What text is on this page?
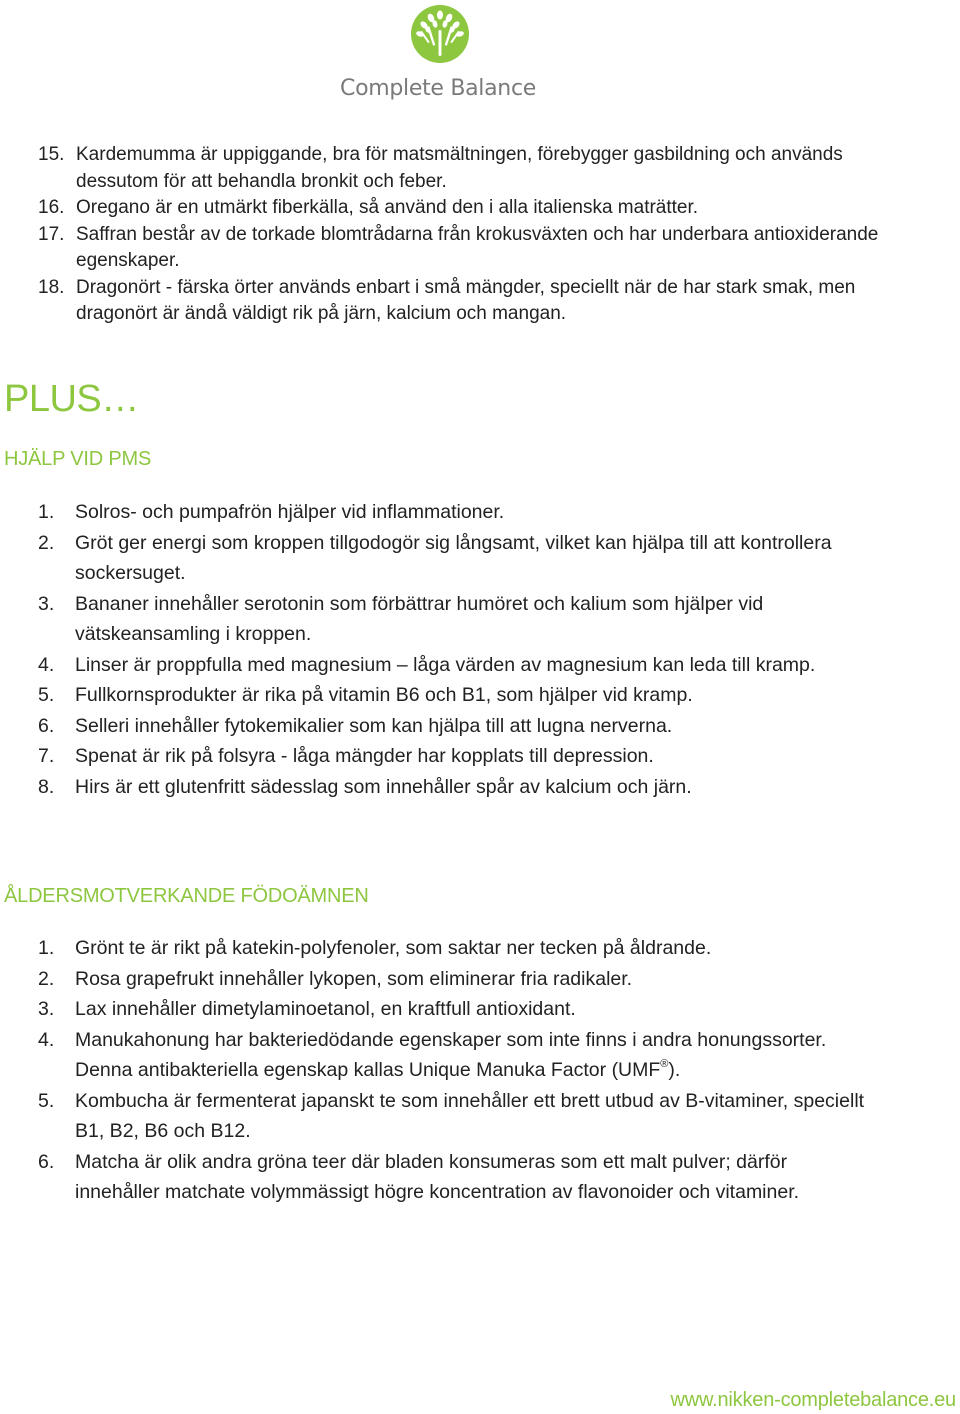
Complete Balance
15. Kardemumma är uppiggande, bra för matsmältningen, förebygger gasbildning och används dessutom för att behandla bronkit och feber.
16. Oregano är en utmärkt fiberkälla, så använd den i alla italienska maträtter.
17. Saffran består av de torkade blomtrådarna från krokusväxten och har underbara antioxiderande egenskaper.
18. Dragonört - färska örter används enbart i små mängder, speciellt när de har stark smak, men dragonört är ändå väldigt rik på järn, kalcium och mangan.
PLUS…
HJÄLP VID PMS
1. Solros- och pumpafrön hjälper vid inflammationer.
2. Gröt ger energi som kroppen tillgodogör sig långsamt, vilket kan hjälpa till att kontrollera sockersuget.
3. Bananer innehåller serotonin som förbättrar humöret och kalium som hjälper vid vätskeansamling i kroppen.
4. Linser är proppfulla med magnesium – låga värden av magnesium kan leda till kramp.
5. Fullkornsprodukter är rika på vitamin B6 och B1, som hjälper vid kramp.
6. Selleri innehåller fytokemikalier som kan hjälpa till att lugna nerverna.
7. Spenat är rik på folsyra - låga mängder har kopplats till depression.
8. Hirs är ett glutenfritt sädesslag som innehåller spår av kalcium och järn.
ÅLDERSMOTVERKANDE FÖDOÄMNEN
1. Grönt te är rikt på katekin-polyfenoler, som saktar ner tecken på åldrande.
2. Rosa grapefrukt innehåller lykopen, som eliminerar fria radikaler.
3. Lax innehåller dimetylaminoetanol, en kraftfull antioxidant.
4. Manukahonung har bakteriedödande egenskaper som inte finns i andra honungssorter. Denna antibakteriella egenskap kallas Unique Manuka Factor (UMF®).
5. Kombucha är fermenterat japanskt te som innehåller ett brett utbud av B-vitaminer, speciellt B1, B2, B6 och B12.
6. Matcha är olik andra gröna teer där bladen konsumeras som ett malt pulver; därför innehåller matchate volymmässigt högre koncentration av flavonoider och vitaminer.
www.nikken-completebalance.eu
